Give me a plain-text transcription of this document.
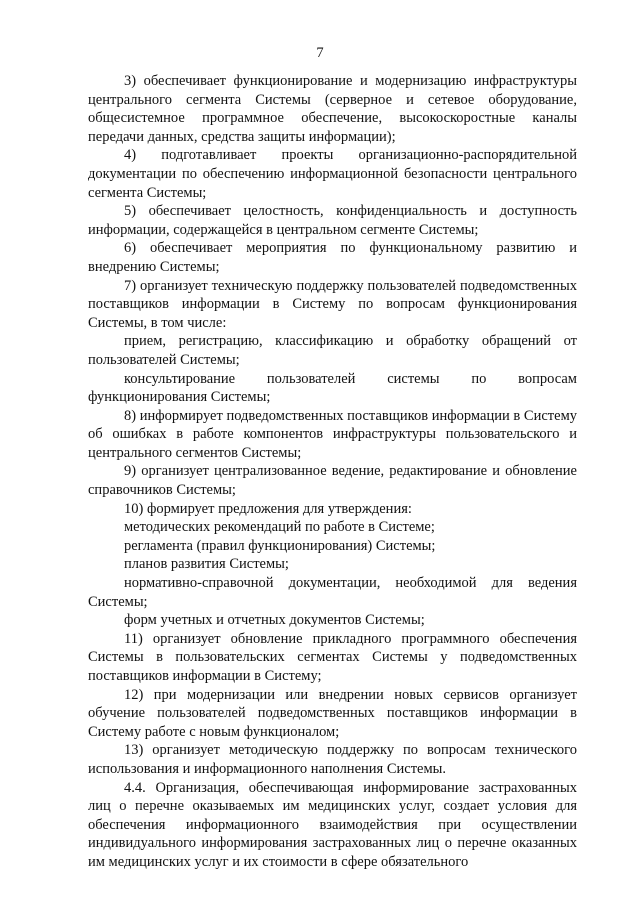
7

3) обеспечивает функционирование и модернизацию инфраструктуры центрального сегмента Системы (серверное и сетевое оборудование, общесистемное программное обеспечение, высокоскоростные каналы передачи данных, средства защиты информации);

4) подготавливает проекты организационно-распорядительной документации по обеспечению информационной безопасности центрального сегмента Системы;

5) обеспечивает целостность, конфиденциальность и доступность информации, содержащейся в центральном сегменте Системы;

6) обеспечивает мероприятия по функциональному развитию и внедрению Системы;

7) организует техническую поддержку пользователей подведомственных поставщиков информации в Систему по вопросам функционирования Системы, в том числе:

прием, регистрацию, классификацию и обработку обращений от пользователей Системы;

консультирование пользователей системы по вопросам функционирования Системы;

8) информирует подведомственных поставщиков информации в Систему об ошибках в работе компонентов инфраструктуры пользовательского и центрального сегментов Системы;

9) организует централизованное ведение, редактирование и обновление справочников Системы;

10) формирует предложения для утверждения:

методических рекомендаций по работе в Системе;

регламента (правил функционирования) Системы;

планов развития Системы;

нормативно-справочной документации, необходимой для ведения Системы;

форм учетных и отчетных документов Системы;

11) организует обновление прикладного программного обеспечения Системы в пользовательских сегментах Системы у подведомственных поставщиков информации в Систему;

12) при модернизации или внедрении новых сервисов организует обучение пользователей подведомственных поставщиков информации в Систему работе с новым функционалом;

13) организует методическую поддержку по вопросам технического использования и информационного наполнения Системы.

4.4. Организация, обеспечивающая информирование застрахованных лиц о перечне оказываемых им медицинских услуг, создает условия для обеспечения информационного взаимодействия при осуществлении индивидуального информирования застрахованных лиц о перечне оказанных им медицинских услуг и их стоимости в сфере обязательного
